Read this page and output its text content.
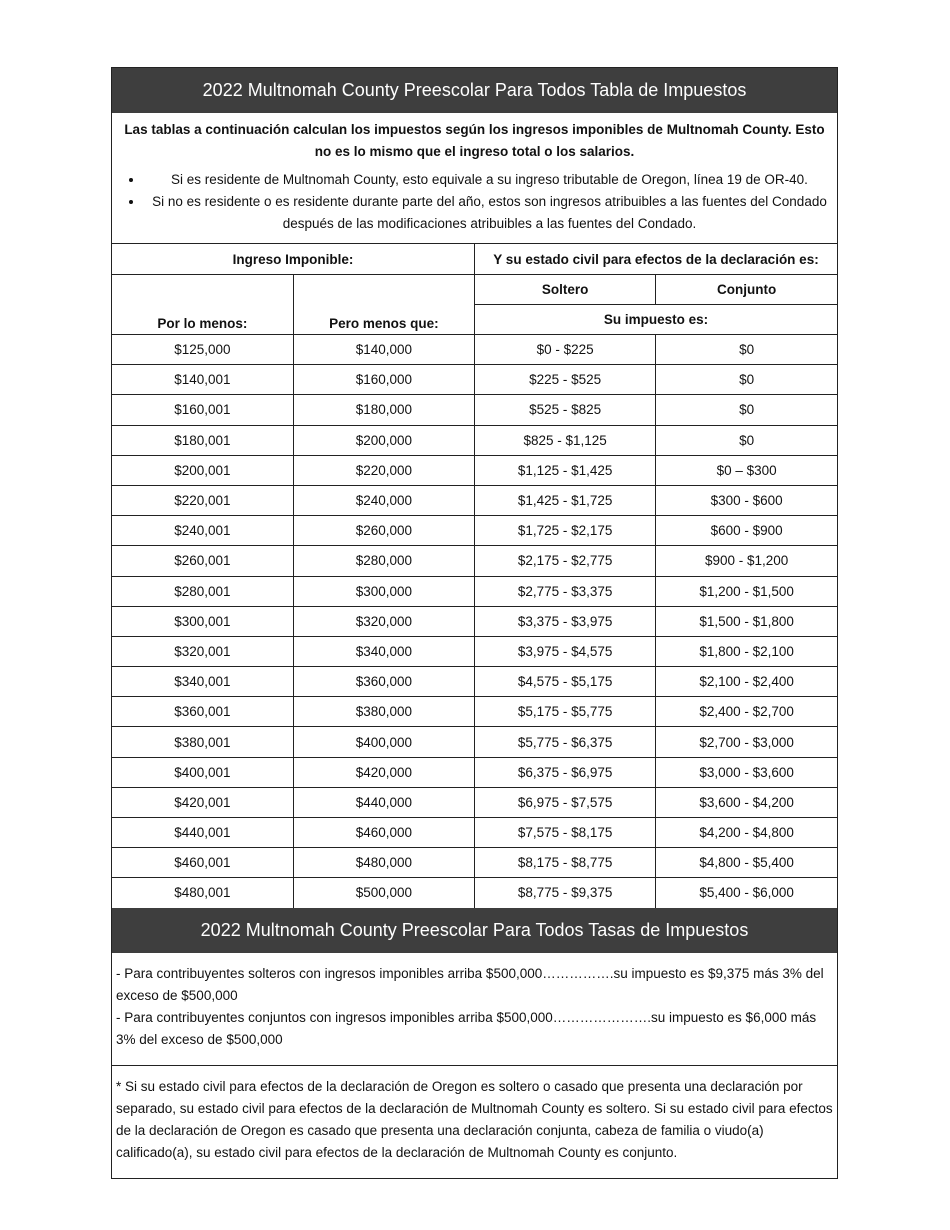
2022 Multnomah County Preescolar Para Todos Tabla de Impuestos

Las tablas a continuación calculan los impuestos según los ingresos imponibles de Multnomah County. Esto no es lo mismo que el ingreso total o los salarios.

• Si es residente de Multnomah County, esto equivale a su ingreso tributable de Oregon, línea 19 de OR-40.
• Si no es residente o es residente durante parte del año, estos son ingresos atribuibles a las fuentes del Condado después de las modificaciones atribuibles a las fuentes del Condado.
Ingreso Imponible:		Y su estado civil para efectos de la declaración es:	
Por lo menos:	Pero menos que:	Soltero	Conjunto
		Su impuesto es:	
$125,000	$140,000	$0 - $225	$0
$140,001	$160,000	$225 - $525	$0
$160,001	$180,000	$525 - $825	$0
$180,001	$200,000	$825 - $1,125	$0
$200,001	$220,000	$1,125 - $1,425	$0 – $300
$220,001	$240,000	$1,425 - $1,725	$300 - $600
$240,001	$260,000	$1,725 - $2,175	$600 - $900
$260,001	$280,000	$2,175 - $2,775	$900 - $1,200
$280,001	$300,000	$2,775 - $3,375	$1,200 - $1,500
$300,001	$320,000	$3,375 - $3,975	$1,500 - $1,800
$320,001	$340,000	$3,975 - $4,575	$1,800 - $2,100
$340,001	$360,000	$4,575 - $5,175	$2,100 - $2,400
$360,001	$380,000	$5,175 - $5,775	$2,400 - $2,700
$380,001	$400,000	$5,775 - $6,375	$2,700 - $3,000
$400,001	$420,000	$6,375 - $6,975	$3,000 - $3,600
$420,001	$440,000	$6,975 - $7,575	$3,600 - $4,200
$440,001	$460,000	$7,575 - $8,175	$4,200 - $4,800
$460,001	$480,000	$8,175 - $8,775	$4,800 - $5,400
$480,001	$500,000	$8,775 - $9,375	$5,400 - $6,000
2022 Multnomah County Preescolar Para Todos Tasas de Impuestos
- Para contribuyentes solteros con ingresos imponibles arriba $500,000…………….su impuesto es $9,375 más 3% del exceso de $500,000
- Para contribuyentes conjuntos con ingresos imponibles arriba $500,000………………….su impuesto es $6,000 más 3% del exceso de $500,000
* Si su estado civil para efectos de la declaración de Oregon es soltero o casado que presenta una declaración por separado, su estado civil para efectos de la declaración de Multnomah County es soltero. Si su estado civil para efectos de la declaración de Oregon es casado que presenta una declaración conjunta, cabeza de familia o viudo(a) calificado(a), su estado civil para efectos de la declaración de Multnomah County es conjunto.
